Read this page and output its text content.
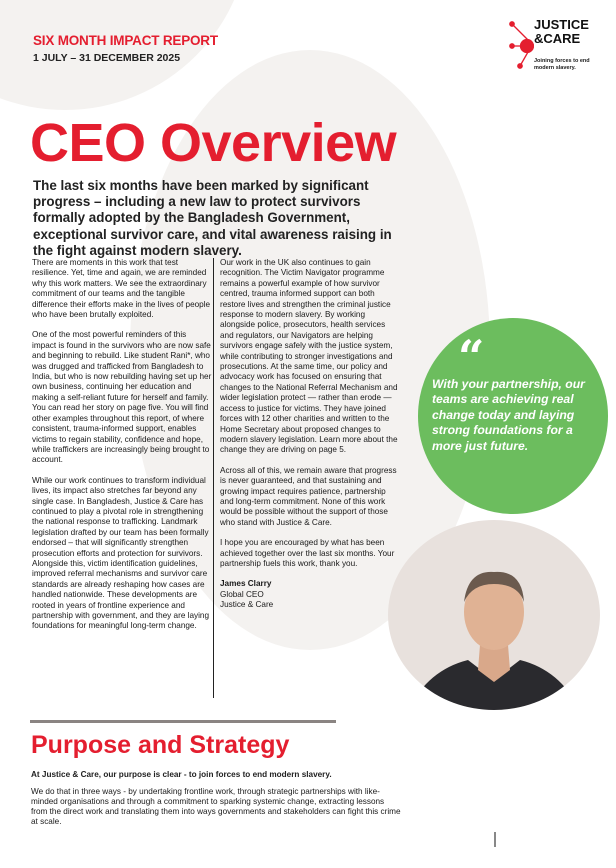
SIX MONTH IMPACT REPORT
1 JULY – 31 DECEMBER 2025
JUSTICE
&CARE
Joining forces to end modern slavery.
CEO Overview
The last six months have been marked by significant progress – including a new law to protect survivors formally adopted by the Bangladesh Government, exceptional survivor care, and vital awareness raising in the fight against modern slavery.

There are moments in this work that test resilience. Yet, time and again, we are reminded why this work matters. We see the extraordinary commitment of our teams and the tangible difference their efforts make in the lives of people who have been brutally exploited.

One of the most powerful reminders of this impact is found in the survivors who are now safe and beginning to rebuild. Like student Rani*, who was drugged and trafficked from Bangladesh to India, but who is now rebuilding having set up her own business, continuing her education and making a self-reliant future for herself and family. You can read her story on page five. You will find other examples throughout this report, of where consistent, trauma-informed support, enables victims to regain stability, confidence and hope, while traffickers are increasingly being brought to account.

While our work continues to transform individual lives, its impact also stretches far beyond any single case. In Bangladesh, Justice & Care has continued to play a pivotal role in strengthening the national response to trafficking. Landmark legislation drafted by our team has been formally endorsed – that will significantly strengthen prosecution efforts and protection for survivors. Alongside this, victim identification guidelines, improved referral mechanisms and survivor care standards are already reshaping how cases are handled nationwide. These developments are rooted in years of frontline experience and partnership with government, and they are laying foundations for meaningful long-term change.

Our work in the UK also continues to gain recognition. The Victim Navigator programme remains a powerful example of how survivor centred, trauma informed support can both restore lives and strengthen the criminal justice response to modern slavery. By working alongside police, prosecutors, health services and regulators, our Navigators are helping survivors engage safely with the justice system, while contributing to stronger investigations and prosecutions. At the same time, our policy and advocacy work has focused on ensuring that changes to the National Referral Mechanism and wider legislation protect — rather than erode — access to justice for victims. They have joined forces with 12 other charities and written to the Home Secretary about proposed changes to modern slavery legislation. Learn more about the change they are driving on page 5.

Across all of this, we remain aware that progress is never guaranteed, and that sustaining and growing impact requires patience, partnership and long-term commitment. None of this work would be possible without the support of those who stand with Justice & Care.

I hope you are encouraged by what has been achieved together over the last six months. Your partnership fuels this work, thank you.

James Clarry
Global CEO
Justice & Care
“
With your partnership, our teams are achieving real change today and laying strong foundations for a more just future.
Purpose and Strategy
At Justice & Care, our purpose is clear - to join forces to end modern slavery.
We do that in three ways - by undertaking frontline work, through strategic partnerships with like-minded organisations and through a commitment to sparking systemic change, extracting lessons from the direct work and translating them into ways governments and stakeholders can fight this crime at scale.
